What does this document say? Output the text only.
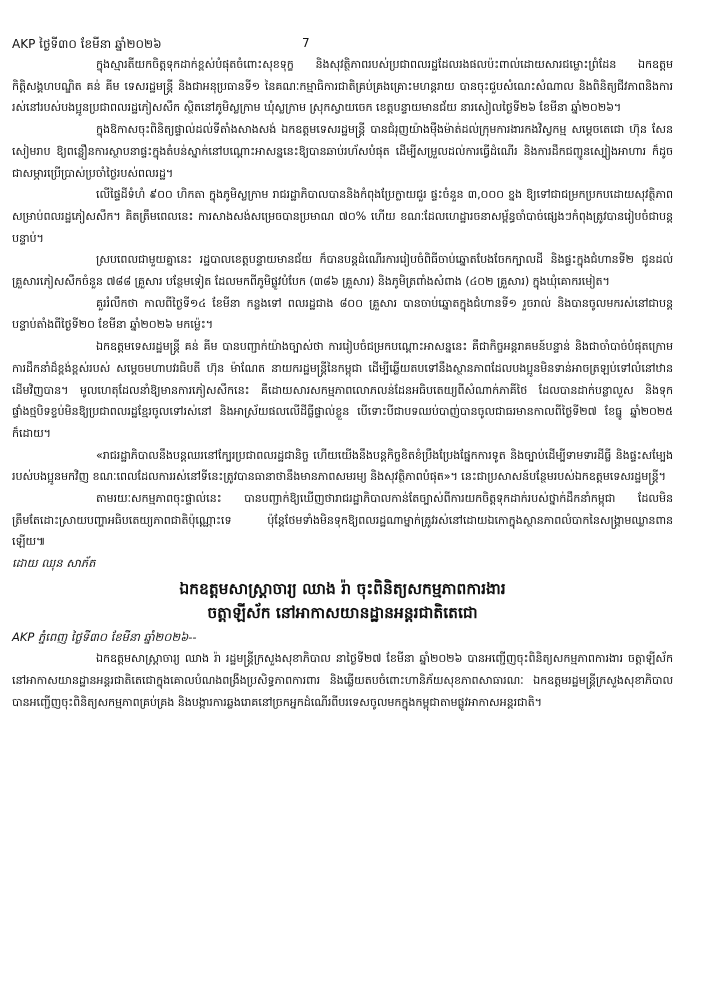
AKP ថ្ងៃទី៣០ ខែមីនា ឆ្នាំ២០២៦	7

ក្នុងស្មារតីយកចិត្តទុកដាក់ខ្ពស់បំផុតចំពោះសុខទុក្ខ និងសុវត្ថិភាពរបស់ប្រជាពលរដ្ឋដែលរងផលប៉ះពាល់ដោយសារជម្លោះព្រំដែន ឯកឧត្តមកិត្តិសង្គហបណ្ឌិត គន់ គីម ទេសរដ្ឋមន្ត្រី និងជាអនុប្រធានទី១ នៃគណៈកម្មាធិការជាតិគ្រប់គ្រងគ្រោះមហន្តរាយ បានចុះជួបសំណេះសំណាល និងពិនិត្យជីវភាពនិងការរស់នៅរបស់បងប្អូនប្រជាពលរដ្ឋភៀសសឹក ស្ថិតនៅភូមិស្លក្រាម ឃុំស្លក្រាម ស្រុកស្វាយចេក ខេត្តបន្ទាយមានជ័យ នារសៀលថ្ងៃទី២៦ ខែមីនា ឆ្នាំ២០២៦។

ក្នុងឱកាសចុះពិនិត្យផ្ទាល់ដល់ទីតាំងសាងសង់ ឯកឧត្តមទេសរដ្ឋមន្ត្រី បានជំរុញយ៉ាងម៉ឺងម៉ាត់ដល់ក្រុមការងារកងវិស្វកម្ម សម្តេចតេជោ ហ៊ុន សែន សៀមរាប ឱ្យពន្លឿនការស្ថាបនាផ្ទះក្នុងតំបន់ស្នាក់នៅបណ្តោះអាសន្ននេះឱ្យបានឆាប់រហ័សបំផុត ដើម្បីសម្រួលដល់ការធ្វើដំណើរ និងការដឹកជញ្ជូនស្បៀងអាហារ ក៏ដូចជាសម្ភារប្រើប្រាស់ប្រចាំថ្ងៃរបស់ពលរដ្ឋ។

លើផ្ទៃដីទំហំ ៩០០ ហិកតា ក្នុងភូមិស្លក្រាម រាជរដ្ឋាភិបាលបាននិងកំពុងប្រែក្លាយជួរ ផ្ទះចំនួន ៣,០០០ ខ្នង ឱ្យទៅជាជម្រកប្រកបដោយសុវត្ថិភាពសម្រាប់ពលរដ្ឋភៀសសឹក។ គិតត្រឹមពេលនេះ ការសាងសង់សម្រេចបានប្រមាណ ៧០% ហើយ ខណៈដែលហេដ្ឋារចនាសម្ព័ន្ធចាំបាច់ផ្សេងៗកំពុងត្រូវបានរៀបចំជាបន្តបន្ទាប់។

ស្របពេលជាមួយគ្នានេះ រដ្ឋបាលខេត្តបន្ទាយមានជ័យ ក៏បានបន្តដំណើរការរៀបចំពិធីចាប់ឆ្នោតបែងចែកក្បាលដី និងផ្ទះក្នុងជំហានទី២ ជូនដល់គ្រួសារភៀសសឹកចំនួន ៧៨៨ គ្រួសារ បន្ថែមទៀត ដែលមកពីភូមិផ្លូវបំបែក (៣៨៦ គ្រួសារ) និងភូមិត្រពាំងសំពាង (៤០២ គ្រួសារ) ក្នុងឃុំគោករមៀត។

គួររំលឹកថា កាលពីថ្ងៃទី១៤ ខែមីនា កន្លងទៅ ពលរដ្ឋជាង ៨០០ គ្រួសារ បានចាប់ឆ្នោតក្នុងជំហានទី១ រួចរាល់ និងបានចូលមករស់នៅជាបន្តបន្ទាប់តាំងពីថ្ងៃទី២០ ខែមីនា ឆ្នាំ២០២៦ មកម្ល៉េះ។

ឯកឧត្តមទេសរដ្ឋមន្ត្រី គន់ គីម បានបញ្ជាក់យ៉ាងច្បាស់ថា ការរៀបចំជម្រកបណ្តោះអាសន្ននេះ គឺជាកិច្ចអន្តរាគមន៍បន្ទាន់ និងជាចាំបាច់បំផុតក្រោមការដឹកនាំដ៏ខ្ពង់ខ្ពស់របស់ សម្តេចមហាបវរធិបតី ហ៊ុន ម៉ាណែត នាយករដ្ឋមន្ត្រីនៃកម្ពុជា ដើម្បីឆ្លើយតបទៅនឹងស្ថានភាពដែលបងប្អូនមិនទាន់អាចត្រឡប់ទៅលំនៅឋានដើមវិញបាន។ មូលហេតុដែលនាំឱ្យមានការភៀសសឹកនេះ គឺដោយសារសកម្មភាពលោភលន់ដែនអធិបតេយ្យពីសំណាក់ភាគីថៃ ដែលបានដាក់បន្លាលួស និងទុកផ្ទាំងថ្មបិទខ្ទប់មិនឱ្យប្រជាពលរដ្ឋខ្មែរចូលទៅរស់នៅ និងអាស្រ័យផលលើដីធ្លីផ្ទាល់ខ្លួន បើទោះបីជាបទឈប់បាញ់បានចូលជាធរមានកាលពីថ្ងៃទី២៧ ខែធ្នូ ឆ្នាំ២០២៥ ក៏ដោយ។

«រាជរដ្ឋាភិបាលនឹងបន្តឈរនៅក្បែរប្រជាពលរដ្ឋជានិច្ច ហើយយើងនឹងបន្តកិច្ចខិតខំប្រឹងប្រែងផ្នែកការទូត និងច្បាប់ដើម្បីទាមទារដីធ្លី និងផ្ទះសម្បែងរបស់បងប្អូនមកវិញ ខណៈពេលដែលការរស់នៅទីនេះត្រូវបានធានាថានឹងមានភាពសមរម្យ និងសុវត្ថិភាពបំផុត»។ នេះជាប្រសាសន៍បន្ថែមរបស់ឯកឧត្តមទេសរដ្ឋមន្ត្រី។

តាមរយៈសកម្មភាពចុះផ្ទាល់នេះ បានបញ្ជាក់ឱ្យឃើញថារាជរដ្ឋាភិបាលកាន់តែច្បាស់ពីការយកចិត្តទុកដាក់របស់ថ្នាក់ដឹកនាំកម្ពុជា ដែលមិនត្រឹមតែដោះស្រាយបញ្ហាអធិបតេយ្យភាពជាតិប៉ុណ្ណោះទេ ប៉ុន្តែថែមទាំងមិនទុកឱ្យពលរដ្ឋណាម្នាក់ត្រូវរស់នៅដោយឯកោក្នុងស្ថានភាពលំបាកនៃសង្គ្រាមឈ្លានពានឡើយ៕

ដោយ ឈុន សាភ័ត
ឯកឧត្តមសាស្ត្រាចារ្យ ឈាង រ៉ា ចុះពិនិត្យសកម្មភាពការងារ
ចត្តាឡីស័ក នៅអាកាសយានដ្ឋានអន្តរជាតិតេជោ

AKP ភ្នំពេញ ថ្ងៃទី៣០ ខែមីនា ឆ្នាំ២០២៦--

ឯកឧត្តមសាស្ត្រាចារ្យ ឈាង រ៉ា រដ្ឋមន្ត្រីក្រសួងសុខាភិបាល នាថ្ងៃទី២៧ ខែមីនា ឆ្នាំ២០២៦ បានអញ្ជើញចុះពិនិត្យសកម្មភាពការងារ ចត្តាឡីស័ក នៅអាកាសយានដ្ឋានអន្តរជាតិតេជោក្នុងគោលបំណងពង្រឹងប្រសិទ្ធភាពការពារ និងឆ្លើយតបចំពោះហានិភ័យសុខភាពសាធារណៈ ឯកឧត្តមរដ្ឋមន្ត្រីក្រសួងសុខាភិបាល បានអញ្ជើញចុះពិនិត្យសកម្មភាពគ្រប់គ្រង និងបង្ការការឆ្លងរោគនៅច្រកអ្នកដំណើរពីបរទេសចូលមកក្នុងកម្ពុជាតាមផ្លូវអាកាសអន្តរជាតិ។
